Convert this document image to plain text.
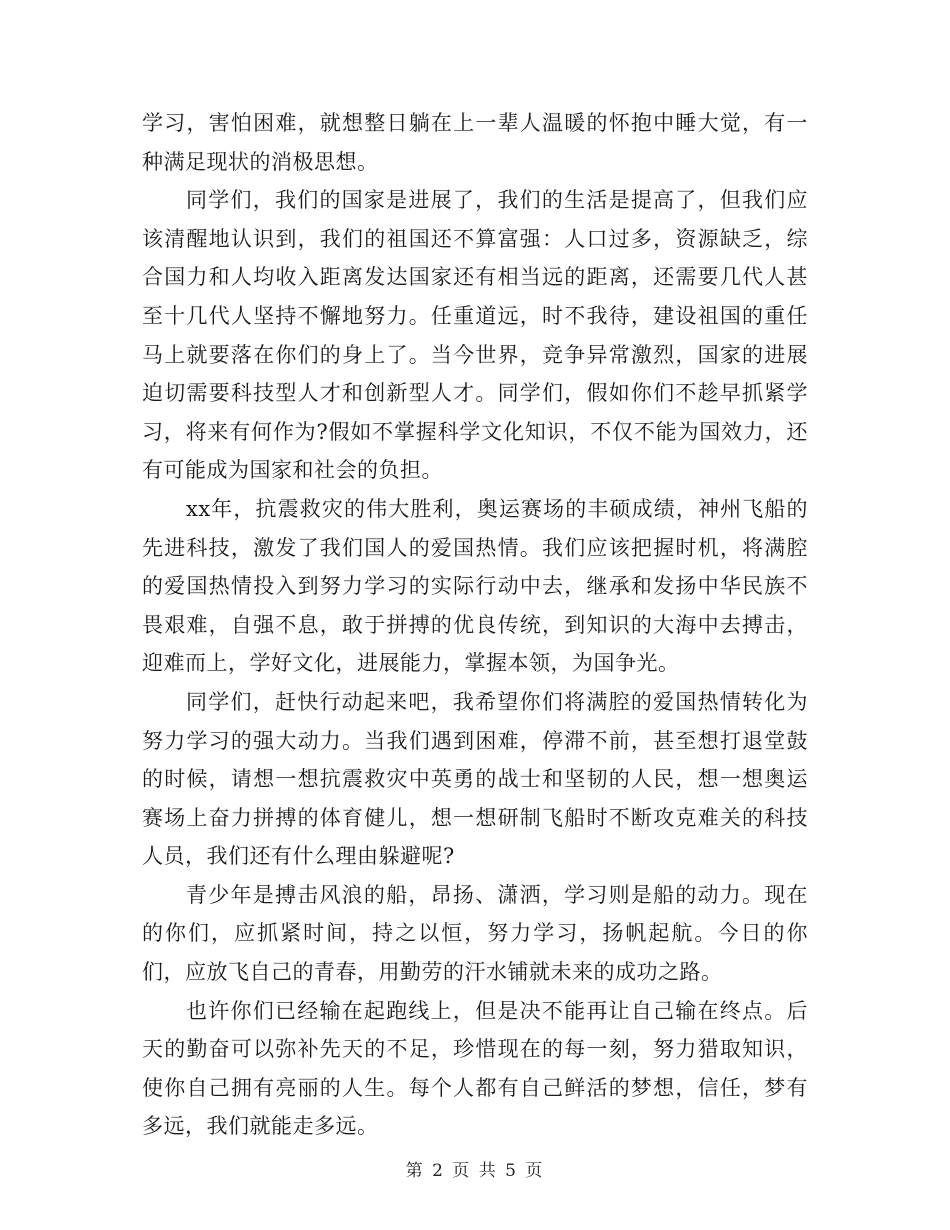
学习，害怕困难，就想整日躺在上一辈人温暖的怀抱中睡大觉，有一种满足现状的消极思想。

同学们，我们的国家是进展了，我们的生活是提高了，但我们应该清醒地认识到，我们的祖国还不算富强：人口过多，资源缺乏，综合国力和人均收入距离发达国家还有相当远的距离，还需要几代人甚至十几代人坚持不懈地努力。任重道远，时不我待，建设祖国的重任马上就要落在你们的身上了。当今世界，竞争异常激烈，国家的进展迫切需要科技型人才和创新型人才。同学们，假如你们不趁早抓紧学习，将来有何作为?假如不掌握科学文化知识，不仅不能为国效力，还有可能成为国家和社会的负担。

xx年，抗震救灾的伟大胜利，奥运赛场的丰硕成绩，神州飞船的先进科技，激发了我们国人的爱国热情。我们应该把握时机，将满腔的爱国热情投入到努力学习的实际行动中去，继承和发扬中华民族不畏艰难，自强不息，敢于拼搏的优良传统，到知识的大海中去搏击，迎难而上，学好文化，进展能力，掌握本领，为国争光。

同学们，赶快行动起来吧，我希望你们将满腔的爱国热情转化为努力学习的强大动力。当我们遇到困难，停滞不前，甚至想打退堂鼓的时候，请想一想抗震救灾中英勇的战士和坚韧的人民，想一想奥运赛场上奋力拼搏的体育健儿，想一想研制飞船时不断攻克难关的科技人员，我们还有什么理由躲避呢?

青少年是搏击风浪的船，昂扬、潇洒，学习则是船的动力。现在的你们，应抓紧时间，持之以恒，努力学习，扬帆起航。今日的你们，应放飞自己的青春，用勤劳的汗水铺就未来的成功之路。

也许你们已经输在起跑线上，但是决不能再让自己输在终点。后天的勤奋可以弥补先天的不足，珍惜现在的每一刻，努力猎取知识，使你自己拥有亮丽的人生。每个人都有自己鲜活的梦想，信任，梦有多远，我们就能走多远。

第 2 页 共 5 页
